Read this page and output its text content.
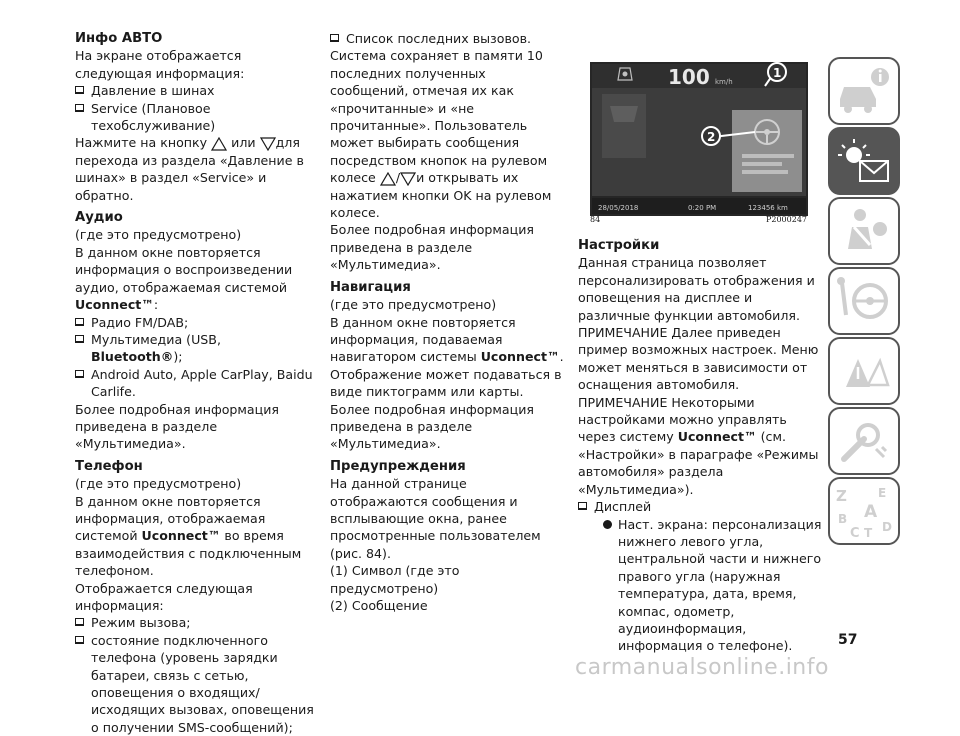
Инфо АВТО

На экране отображается следующая информация:

Давление в шинах

Service (Плановое техобслуживание)

Нажмите на кнопку или для перехода из раздела «Давление в шинах» в раздел «Service» и обратно.

Аудио

(где это предусмотрено)

В данном окне повторяется информация о воспроизведении аудио, отображаемая системой Uconnect™:

Радио FM/DAB;

Мультимедиа (USB, Bluetooth®);

Android Auto, Apple CarPlay, Baidu Carlife.

Более подробная информация приведена в разделе «Мультимедиа».

Телефон

(где это предусмотрено)

В данном окне повторяется информация, отображаемая системой Uconnect™ во время взаимодействия с подключенным телефоном.

Отображается следующая информация:

Режим вызова;

состояние подключенного телефона (уровень зарядки батареи, связь с сетью, оповещения о входящих/исходящих вызовах, оповещения о получении SMS-сообщений);

Список последних вызовов.

Система сохраняет в памяти 10 последних полученных сообщений, отмечая их как «прочитанные» и «не прочитанные». Пользователь может выбирать сообщения посредством кнопок на рулевом колесе / и открывать их нажатием кнопки OK на рулевом колесе.

Более подробная информация приведена в разделе «Мультимедиа».

Навигация

(где это предусмотрено)

В данном окне повторяется информация, подаваемая навигатором системы Uconnect™. Отображение может подаваться в виде пиктограмм или карты.

Более подробная информация приведена в разделе «Мультимедиа».

Предупреждения

На данной странице отображаются сообщения и всплывающие окна, ранее просмотренные пользователем (рис. 84).

(1) Символ (где это предусмотрено)

(2) Сообщение

100 km/h
1
2
28/05/2018	0:20 PM	123456 km
84	P2000247

Настройки

Данная страница позволяет персонализировать отображения и оповещения на дисплее и различные функции автомобиля.

ПРИМЕЧАНИЕ Далее приведен пример возможных настроек. Меню может меняться в зависимости от оснащения автомобиля.

ПРИМЕЧАНИЕ Некоторыми настройками можно управлять через систему Uconnect™ (см. «Настройки» в параграфе «Режимы автомобиля» раздела «Мультимедиа»).

Дисплей

Наст. экрана: персонализация нижнего левого угла, центральной части и нижнего правого угла (наружная температура, дата, время, компас, одометр, аудиоинформация, информация о телефоне).

Z	E
A
B
C T D
57
carmanualsonline.info
